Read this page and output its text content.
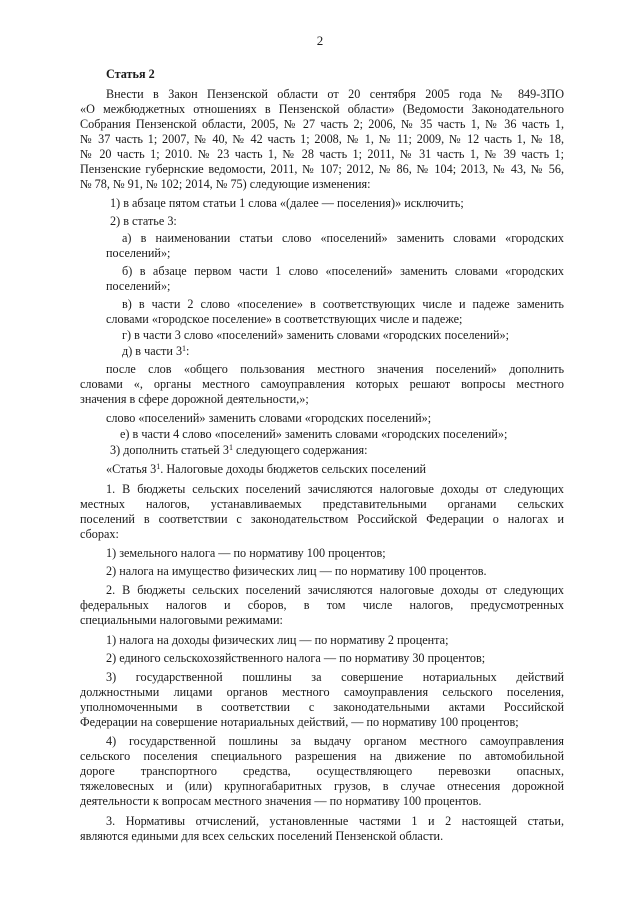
2
Статья 2
Внести в Закон Пензенской области от 20 сентября 2005 года № 849-ЗПО
«О межбюджетных отношениях в Пензенской области» (Ведомости Законодательного
Собрания Пензенской области, 2005, № 27 часть 2; 2006, № 35 часть 1, № 36 часть 1,
№ 37 часть 1; 2007, № 40, № 42 часть 1; 2008, № 1, № 11; 2009, № 12 часть 1, № 18,
№ 20 часть 1; 2010. № 23 часть 1, № 28 часть 1; 2011, № 31 часть 1, № 39 часть 1;
Пензенские губернские ведомости, 2011, № 107; 2012, № 86, № 104; 2013, № 43, № 56,
№ 78, № 91, № 102; 2014, № 75) следующие изменения:
1) в абзаце пятом статьи 1 слова «(далее — поселения)» исключить;
2) в статье 3:
а) в наименовании статьи слово «поселений» заменить словами «городских
поселений»;
б) в абзаце первом части 1 слово «поселений» заменить словами «городских
поселений»;
в) в части 2 слово «поселение» в соответствующих числе и падеже заменить
словами «городское поселение» в соответствующих числе и падеже;
г) в части 3 слово «поселений» заменить словами «городских поселений»;
д) в части $3^1$:
после слов «общего пользования местного значения поселений» дополнить
словами «, органы местного самоуправления которых решают вопросы местного
значения в сфере дорожной деятельности,»;
слово «поселений» заменить словами «городских поселений»;
е) в части 4 слово «поселений» заменить словами «городских поселений»;
3) дополнить статьей $3^1$ следующего содержания:
«Статья $3^1$. Налоговые доходы бюджетов сельских поселений
1. В бюджеты сельских поселений зачисляются налоговые доходы от следующих
местных налогов, устанавливаемых представительными органами сельских
поселений в соответствии с законодательством Российской Федерации о налогах и
сборах:
1) земельного налога — по нормативу 100 процентов;
2) налога на имущество физических лиц — по нормативу 100 процентов.
2. В бюджеты сельских поселений зачисляются налоговые доходы от следующих
федеральных налогов и сборов, в том числе налогов, предусмотренных
специальными налоговыми режимами:
1) налога на доходы физических лиц — по нормативу 2 процента;
2) единого сельскохозяйственного налога — по нормативу 30 процентов;
3) государственной пошлины за совершение нотариальных действий
должностными лицами органов местного самоуправления сельского поселения,
уполномоченными в соответствии с законодательными актами Российской
Федерации на совершение нотариальных действий, — по нормативу 100 процентов;
4) государственной пошлины за выдачу органом местного самоуправления
сельского поселения специального разрешения на движение по автомобильной
дороге транспортного средства, осуществляющего перевозки опасных,
тяжеловесных и (или) крупногабаритных грузов, в случае отнесения дорожной
деятельности к вопросам местного значения — по нормативу 100 процентов.
3. Нормативы отчислений, установленные частями 1 и 2 настоящей статьи,
являются едиными для всех сельских поселений Пензенской области.
